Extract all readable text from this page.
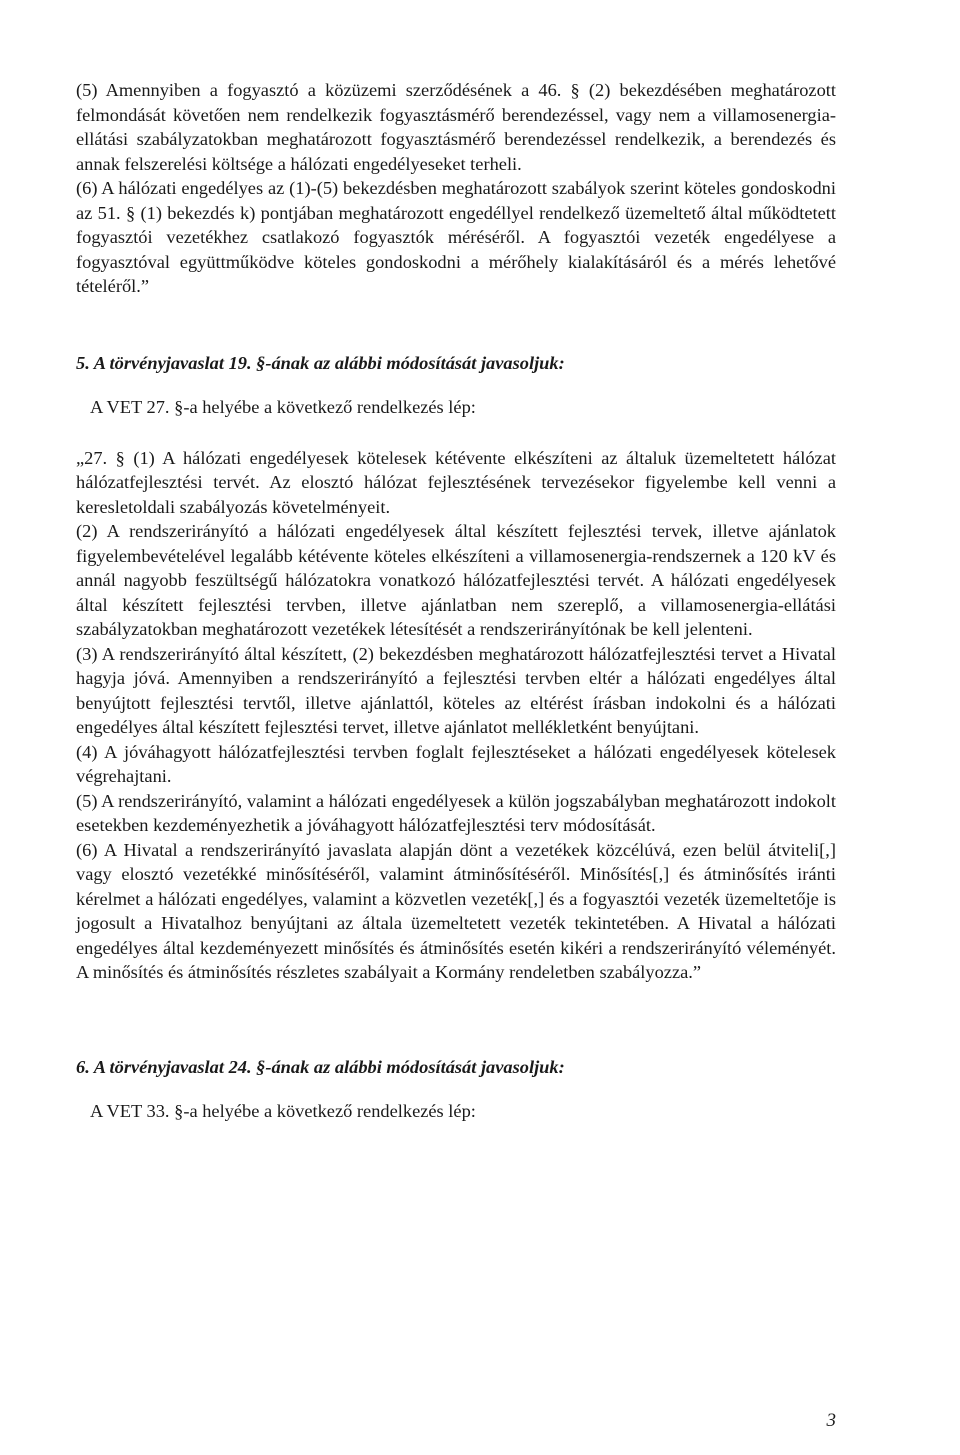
(5) Amennyiben a fogyasztó a közüzemi szerződésének a 46. § (2) bekezdésében meghatározott felmondását követően nem rendelkezik fogyasztásmérő berendezéssel, vagy nem a villamosenergia-ellátási szabályzatokban meghatározott fogyasztásmérő berendezéssel rendelkezik, a berendezés és annak felszerelési költsége a hálózati engedélyeseket terheli.

(6) A hálózati engedélyes az (1)-(5) bekezdésben meghatározott szabályok szerint köteles gondoskodni az 51. § (1) bekezdés k) pontjában meghatározott engedéllyel rendelkező üzemeltető által működtetett fogyasztói vezetékhez csatlakozó fogyasztók méréséről. A fogyasztói vezeték engedélyese a fogyasztóval együttműködve köteles gondoskodni a mérőhely kialakításáról és a mérés lehetővé tételéről.”

5. A törvényjavaslat 19. §-ának az alábbi módosítását javasoljuk:

A VET 27. §-a helyébe a következő rendelkezés lép:

„27. § (1) A hálózati engedélyesek kötelesek kétévente elkészíteni az általuk üzemeltetett hálózat hálózatfejlesztési tervét. Az elosztó hálózat fejlesztésének tervezésekor figyelembe kell venni a keresletoldali szabályozás követelményeit.

(2) A rendszerirányító a hálózati engedélyesek által készített fejlesztési tervek, illetve ajánlatok figyelembevételével legalább kétévente köteles elkészíteni a villamosenergia-rendszernek a 120 kV és annál nagyobb feszültségű hálózatokra vonatkozó hálózatfejlesztési tervét. A hálózati engedélyesek által készített fejlesztési tervben, illetve ajánlatban nem szereplő, a villamosenergia-ellátási szabályzatokban meghatározott vezetékek létesítését a rendszerirányítónak be kell jelenteni.

(3) A rendszerirányító által készített, (2) bekezdésben meghatározott hálózatfejlesztési tervet a Hivatal hagyja jóvá. Amennyiben a rendszerirányító a fejlesztési tervben eltér a hálózati engedélyes által benyújtott fejlesztési tervtől, illetve ajánlattól, köteles az eltérést írásban indokolni és a hálózati engedélyes által készített fejlesztési tervet, illetve ajánlatot mellékletként benyújtani.

(4) A jóváhagyott hálózatfejlesztési tervben foglalt fejlesztéseket a hálózati engedélyesek kötelesek végrehajtani.

(5) A rendszerirányító, valamint a hálózati engedélyesek a külön jogszabályban meghatározott indokolt esetekben kezdeményezhetik a jóváhagyott hálózatfejlesztési terv módosítását.

(6) A Hivatal a rendszerirányító javaslata alapján dönt a vezetékek közcélúvá, ezen belül átviteli[,] vagy elosztó vezetékké minősítéséről, valamint átminősítéséről. Minősítés[,] és átminősítés iránti kérelmet a hálózati engedélyes, valamint a közvetlen vezeték[,] és a fogyasztói vezeték üzemeltetője is jogosult a Hivatalhoz benyújtani az általa üzemeltetett vezeték tekintetében. A Hivatal a hálózati engedélyes által kezdeményezett minősítés és átminősítés esetén kikéri a rendszerirányító véleményét. A minősítés és átminősítés részletes szabályait a Kormány rendeletben szabályozza.”

6. A törvényjavaslat 24. §-ának az alábbi módosítását javasoljuk:

A VET 33. §-a helyébe a következő rendelkezés lép:

3
